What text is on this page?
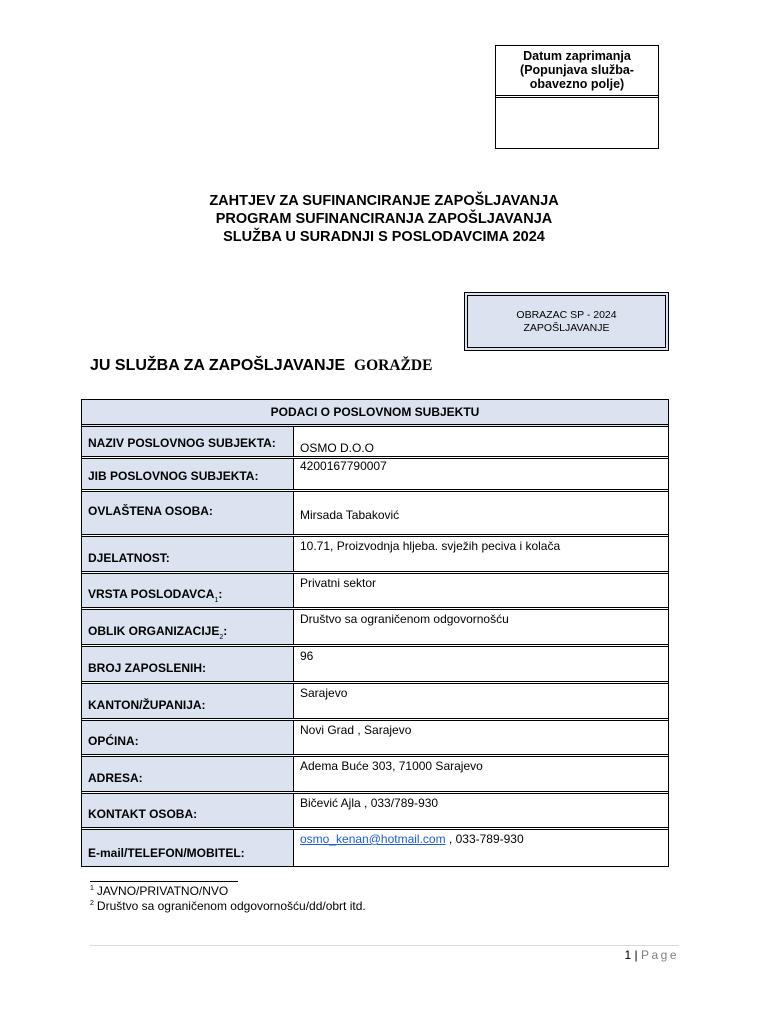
Datum zaprimanja
(Popunjava služba-
obavezno polje)
ZAHTJEV ZA SUFINANCIRANJE ZAPOŠLJAVANJA
PROGRAM SUFINANCIRANJA ZAPOŠLJAVANJA
SLUŽBA U SURADNJI S POSLODAVCIMA 2024
OBRAZAC SP - 2024
ZAPOŠLJAVANJE
JU SLUŽBA ZA ZAPOŠLJAVANJE GORAŽDE
PODACI O POSLOVNOM SUBJEKTU
NAZIV POSLOVNOG SUBJEKTA:	OSMO D.O.O
JIB POSLOVNOG SUBJEKTA:
4200167790007
OVLAŠTENA OSOBA:	Mirsada Tabaković
DJELATNOST:
10.71, Proizvodnja hljeba. svježih peciva i kolača
VRSTA POSLODAVCA 1 :
Privatni sektor
OBLIK ORGANIZACIJE 2 :
Društvo sa ograničenom odgovornošću
BROJ ZAPOSLENIH:
96
KANTON/ŽUPANIJA:
Sarajevo
OPĆINA:
Novi Grad , Sarajevo
ADRESA:
Adema Buće 303, 71000 Sarajevo
KONTAKT OSOBA:
Bičević Ajla , 033/789-930
E-mail/TELEFON/MOBITEL:
osmo_kenan@hotmail.com , 033-789-930
$^1$ JAVNO/PRIVATNO/NVO
$^2$ Društvo sa ograničenom odgovornošću/dd/obrt itd.
1 | Page
